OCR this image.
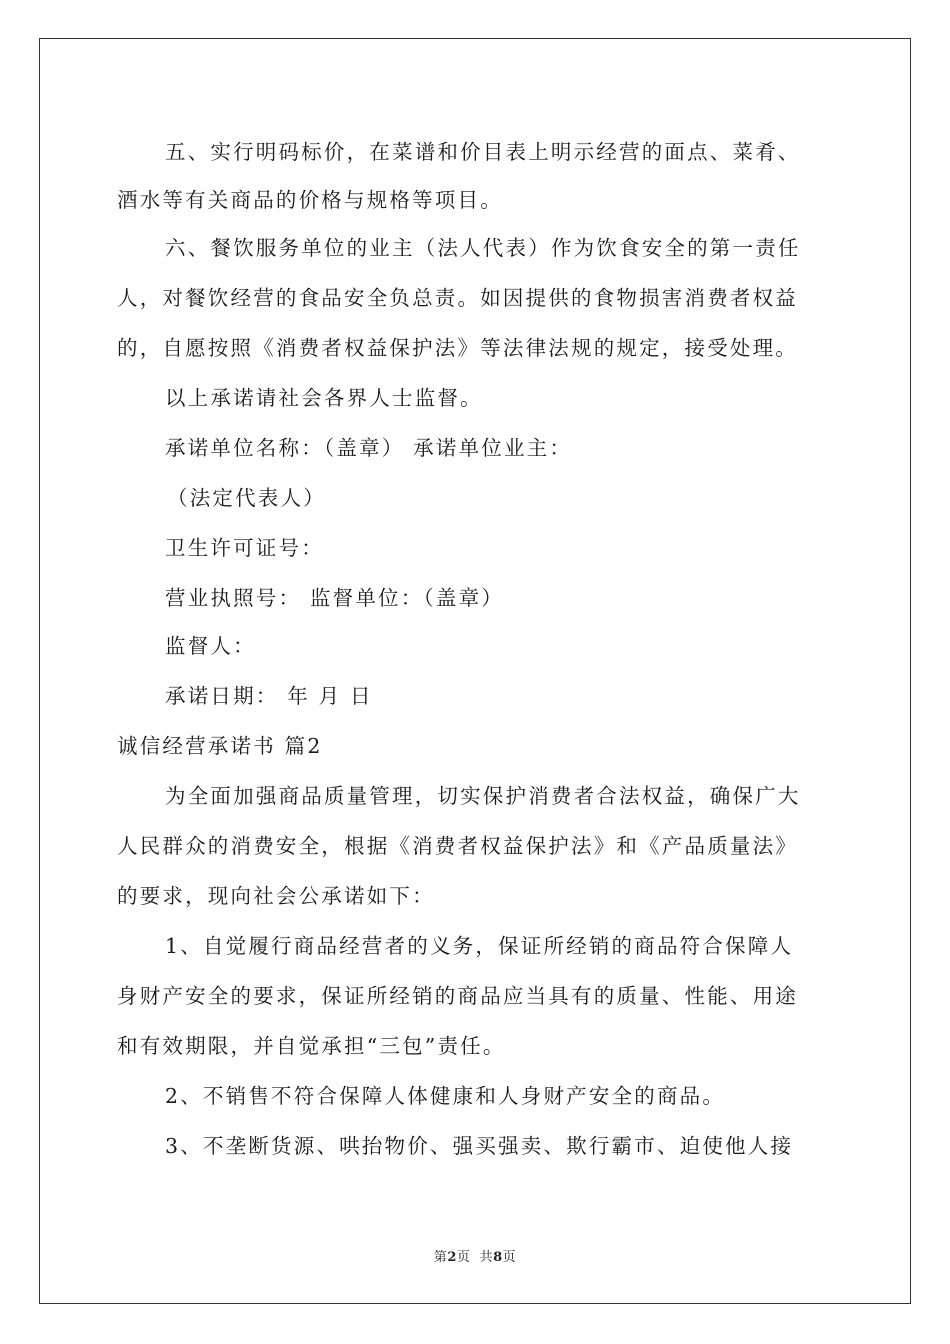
五、实行明码标价，在菜谱和价目表上明示经营的面点、菜肴、
酒水等有关商品的价格与规格等项目。
六、餐饮服务单位的业主（法人代表）作为饮食安全的第一责任
人，对餐饮经营的食品安全负总责。如因提供的食物损害消费者权益
的，自愿按照《消费者权益保护法》等法律法规的规定，接受处理。
以上承诺请社会各界人士监督。
承诺单位名称：（盖章） 承诺单位业主：
（法定代表人）
卫生许可证号：
营业执照号： 监督单位：（盖章）
监督人：
承诺日期： 年 月 日
诚信经营承诺书 篇2
为全面加强商品质量管理，切实保护消费者合法权益，确保广大
人民群众的消费安全，根据《消费者权益保护法》和《产品质量法》
的要求，现向社会公承诺如下：
1、自觉履行商品经营者的义务，保证所经销的商品符合保障人
身财产安全的要求，保证所经销的商品应当具有的质量、性能、用途
和有效期限，并自觉承担“三包”责任。
2、不销售不符合保障人体健康和人身财产安全的商品。
3、不垄断货源、哄抬物价、强买强卖、欺行霸市、迫使他人接
第2页  共8页
